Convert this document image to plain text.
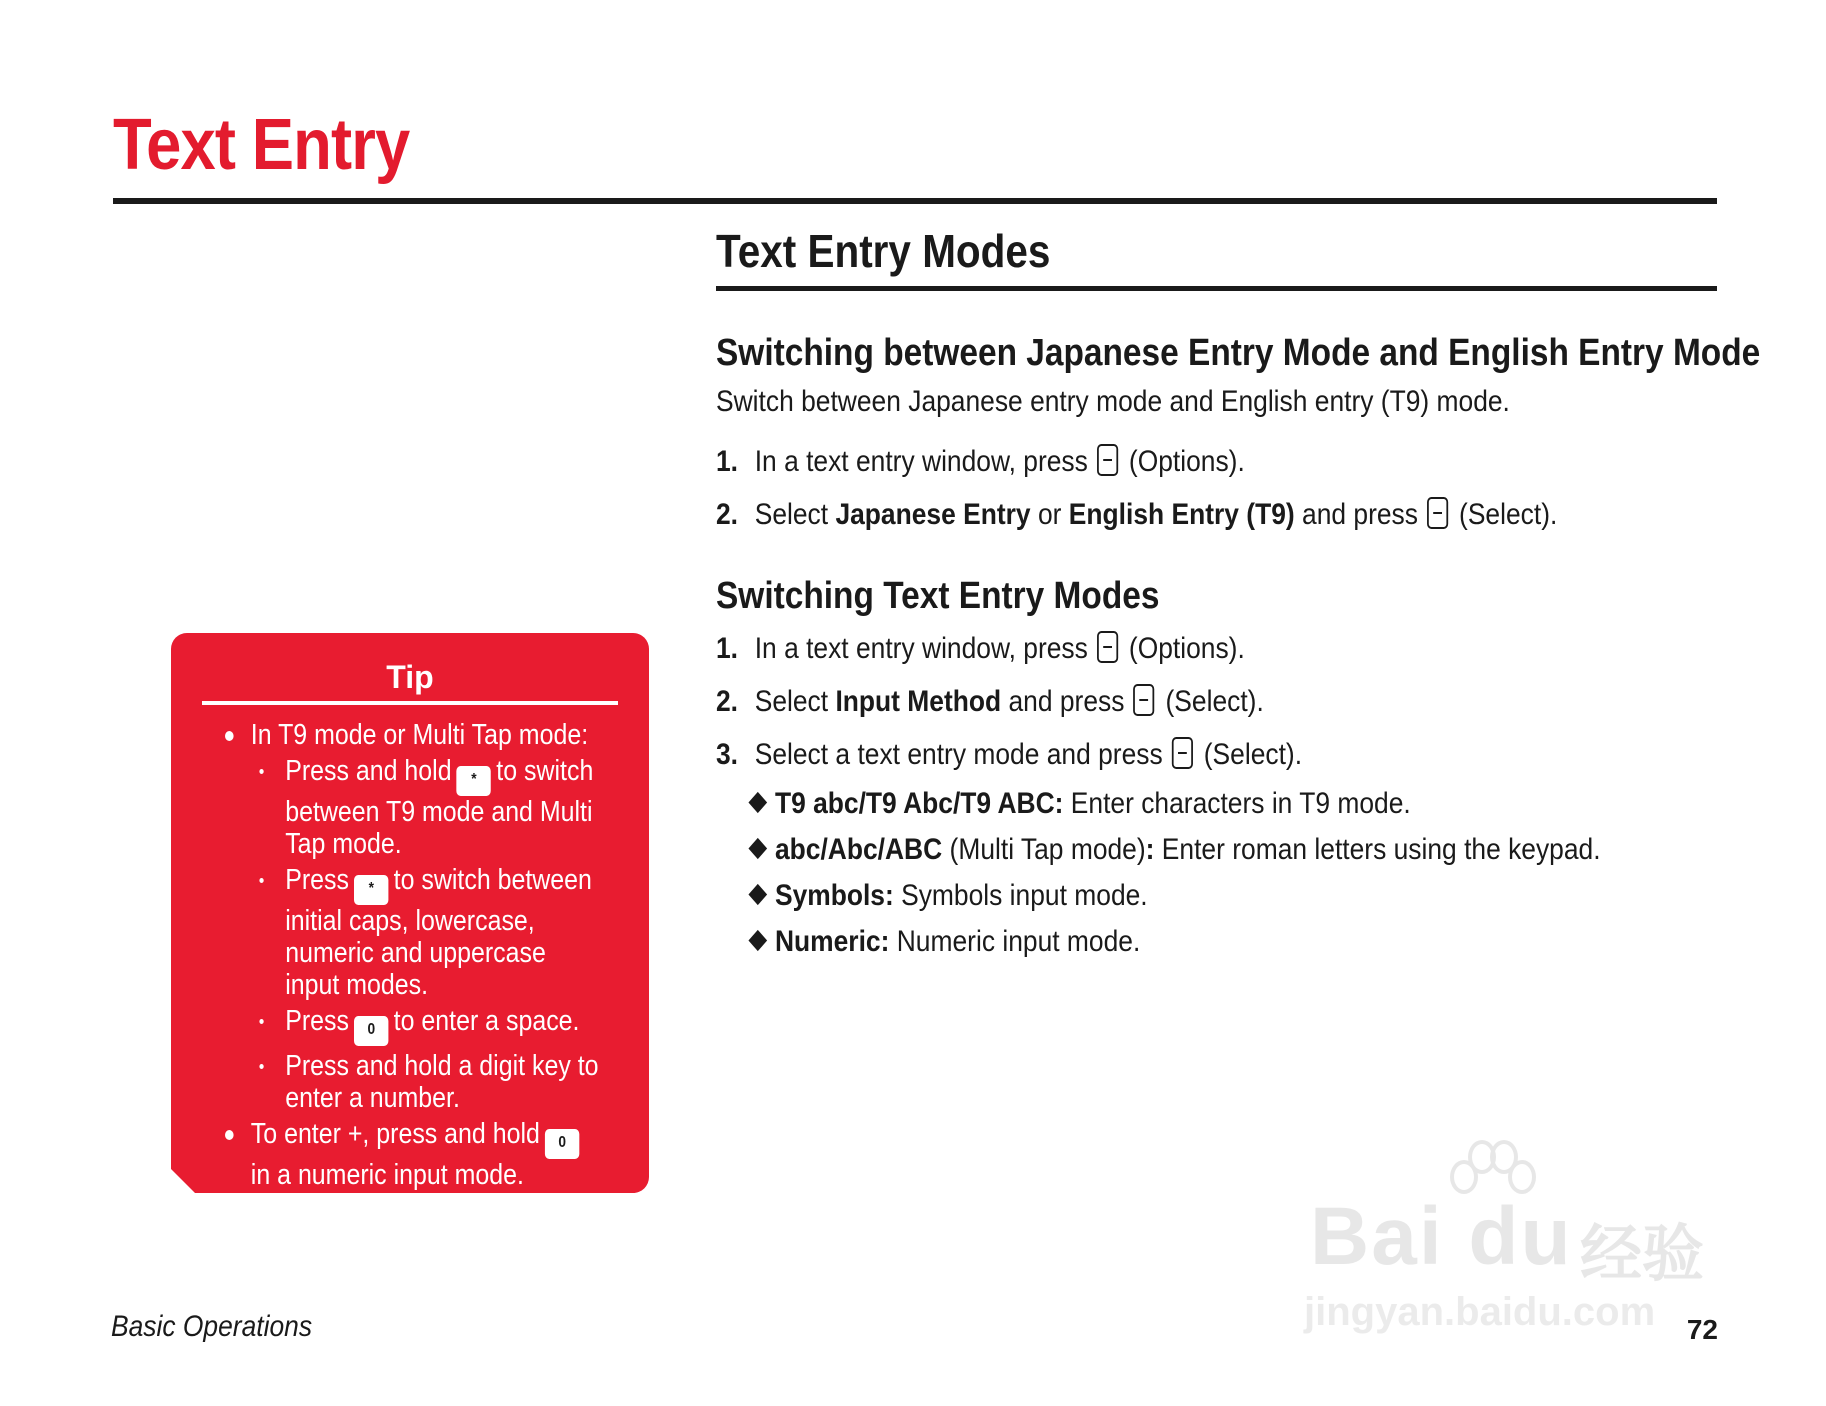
Text Entry
Text Entry Modes
Switching between Japanese Entry Mode and English Entry Mode

Switch between Japanese entry mode and English entry (T9) mode.

1. In a text entry window, press (Options).
2. Select Japanese Entry or English Entry (T9) and press (Select).
Switching Text Entry Modes
1. In a text entry window, press (Options).
2. Select Input Method and press (Select).
3. Select a text entry mode and press (Select).
T9 abc/T9 Abc/T9 ABC: Enter characters in T9 mode.
abc/Abc/ABC (Multi Tap mode): Enter roman letters using the keypad.
Symbols: Symbols input mode.
Numeric: Numeric input mode.
Tip
In T9 mode or Multi Tap mode:
Press and hold * to switch between T9 mode and Multi Tap mode.
Press * to switch between initial caps, lowercase, numeric and uppercase input modes.
Press 0 to enter a space.
Press and hold a digit key to enter a number.
To enter +, press and hold 0in a numeric input mode.
Basic Operations	72
Bai du 经验
jingyan.baidu.com
